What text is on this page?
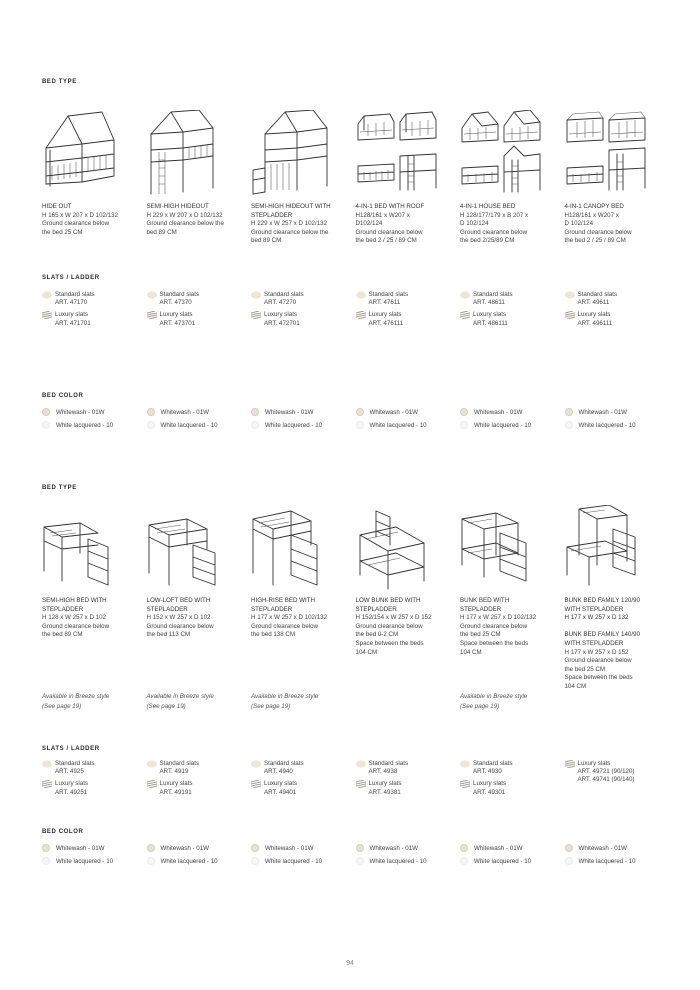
BED TYPE
HIDE OUT
H 165 x W 207 x D 102/132
Ground clearance below
the bed 25 CM
SEMI-HIGH HIDEOUT
H 229 x W 207 x D 102/132
Ground clearance below the
bed 89 CM
SEMI-HIGH HIDEOUT WITH
STEPLADDER
H 229 x W 257 x D 102/132
Ground clearance below the
bed 89 CM
4-IN-1 BED WITH ROOF
H128/161 x W207 x
D102/124
Ground clearance below
the bed 2 / 25 / 89 CM
4-IN-1 HOUSE BED
H 128/177/179 x B 207 x
D 102/124
Ground clearance below
the bed 2/25/89 CM
4-IN-1 CANOPY BED
H128/161 x W207 x
D 102/124
Ground clearance below
the bed 2 / 25 / 89 CM
SLATS / LADDER
Standard slats
ART. 47170
Luxury slats
ART. 471701
Standard slats
ART. 47370
Luxury slats
ART. 473701
Standard slats
ART. 47270
Luxury slats
ART. 472701
Standard slats
ART. 47611
Luxury slats
ART. 476111
Standard slats
ART. 48611
Luxury slats
ART. 486111
Standard slats
ART. 49611
Luxury slats
ART. 496111
BED COLOR
Whitewash - 01W
White lacquered - 10
Whitewash - 01W
White lacquered - 10
Whitewash - 01W
White lacquered - 10
Whitewash - 01W
White lacquered - 10
Whitewash - 01W
White lacquered - 10
Whitewash - 01W
White lacquered - 10
BED TYPE
SEMI-HIGH BED WITH
STEPLADDER
H 128 x W 257 x D 102
Ground clearance below
the bed 89 CM
LOW-LOFT BED WITH
STEPLADDER
H 152 x W 257 x D 102
Ground clearance below
the bed 113 CM
HIGH-RISE BED WITH
STEPLADDER
H 177 x W 257 x D 102/132
Ground clearance below
the bed 138 CM
LOW BUNK BED WITH
STEPLADDER
H 152/154 x W 257 x D 152
Ground clearance below
the bed 0-2 CM
Space between the beds
104 CM
BUNK BED WITH
STEPLADDER
H 177 x W 257 x D 102/132
Ground clearance below
the bed 25 CM
Space between the beds
104 CM
BUNK BED FAMILY 120/90
WITH STEPLADDER
H 177 x W 257 x D 132

BUNK BED FAMILY 140/90
WITH STEPLADDER
H 177 x W 257 x D 152
Ground clearance below
the bed 25 CM
Space between the beds
104 CM
Available in Breeze style
(See page 19)
Available in Breeze style
(See page 19)
Available in Breeze style
(See page 19)
Available in Breeze style
(See page 19)
SLATS / LADDER
Standard slats
ART. 4925
Luxury slats
ART. 49251
Standard slats
ART. 4919
Luxury slats
ART. 49191
Standard slats
ART. 4940
Luxury slats
ART. 49401
Standard slats
ART. 4938
Luxury slats
ART. 49381
Standard slats
ART. 4930
Luxury slats
ART. 49301
Luxury slats
ART. 49721 (90/120)
ART. 49741 (90/140)
BED COLOR
Whitewash - 01W
White lacquered - 10
Whitewash - 01W
White lacquered - 10
Whitewash - 01W
White lacquered - 10
Whitewash - 01W
White lacquered - 10
Whitewash - 01W
White lacquered - 10
Whitewash - 01W
White lacquered - 10
94
